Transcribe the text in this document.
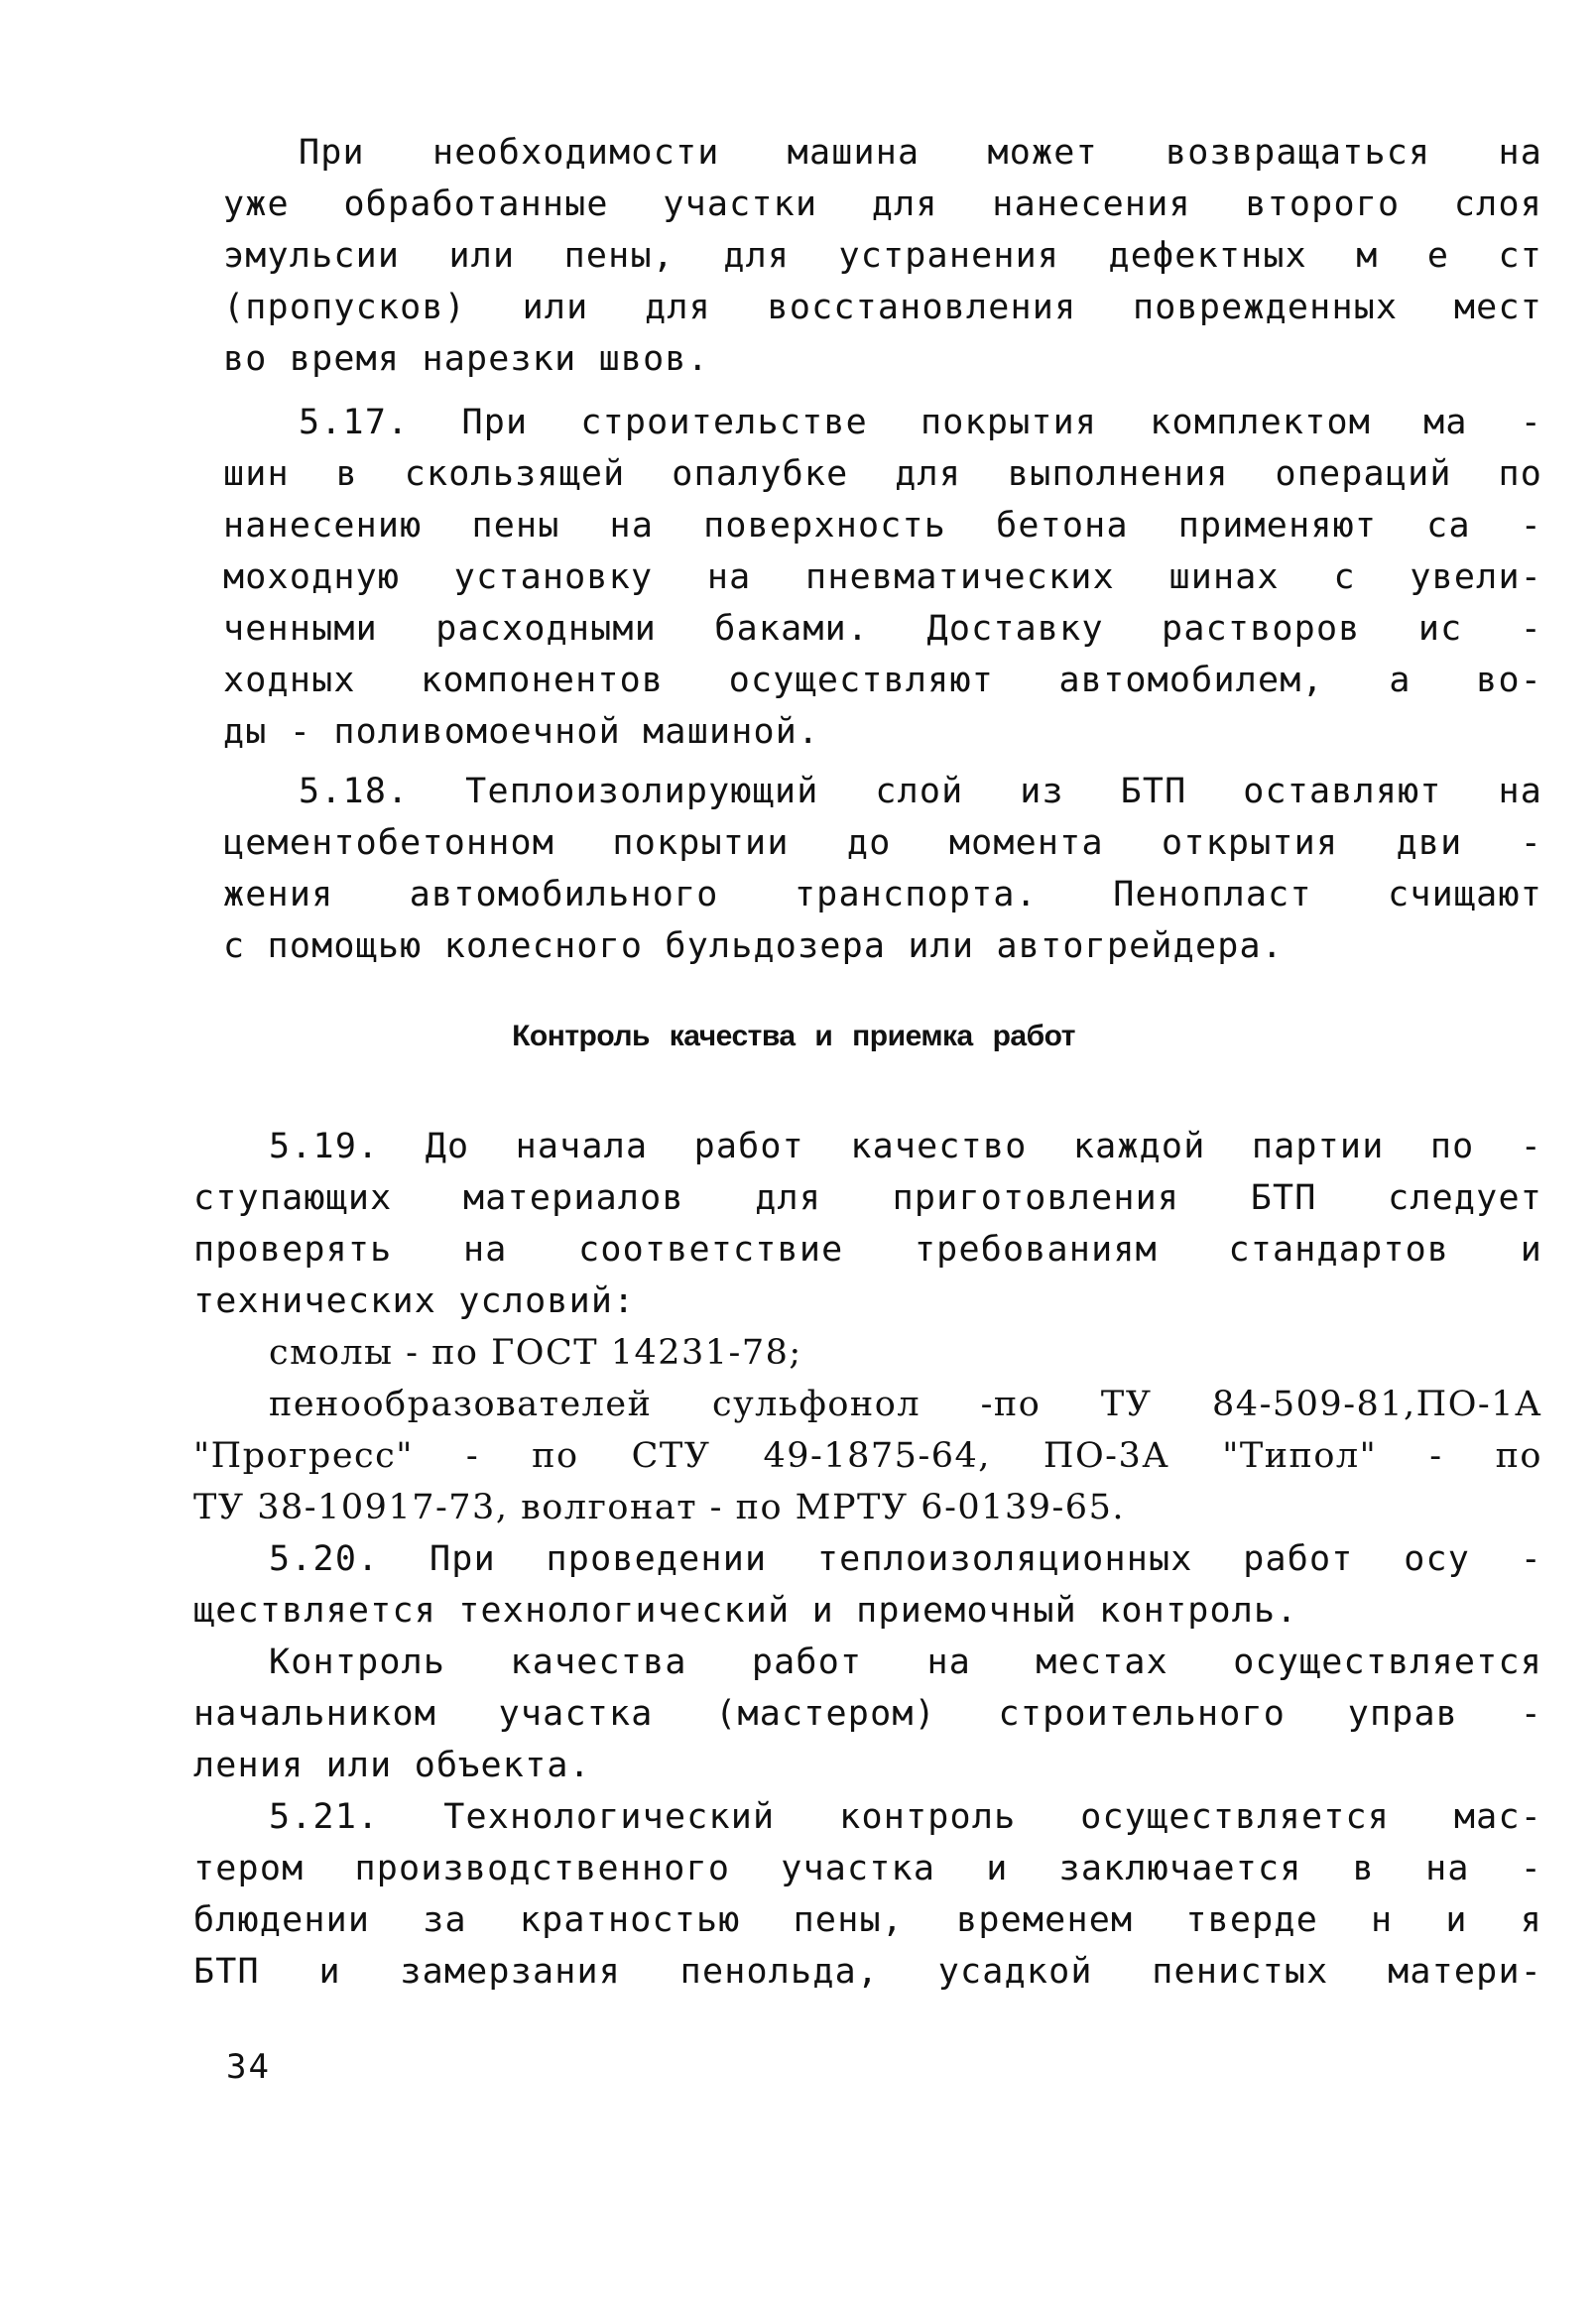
При необходимости машина может возвращаться на
уже обработанные участки для нанесения второго слоя
эмульсии или пены, для устранения дефектных м е ст
(пропусков) или для восстановления поврежденных мест
во время нарезки швов.
5.17. При строительстве покрытия комплектом ма -
шин в скользящей опалубке для выполнения операций по
нанесению пены на поверхность бетона применяют са -
моходную установку на пневматических шинах с увели-
ченными расходными баками. Доставку растворов ис -
ходных компонентов осуществляют автомобилем, а во-
ды - поливомоечной машиной.
5.18. Теплоизолирующий слой из БТП оставляют на
цементобетонном покрытии до момента открытия дви -
жения автомобильного транспорта. Пенопласт счищают
с помощью колесного бульдозера или автогрейдера.
Контроль качества и приемка работ
5.19. До начала работ качество каждой партии по -
ступающих материалов для приготовления БТП следует
проверять на соответствие требованиям стандартов и
технических условий:
смолы - по ГОСТ 14231-78;
пенообразователей сульфонол -по ТУ 84-509-81,ПО-1А
"Прогресс" - по СТУ 49-1875-64, ПО-3А "Типол" - по
ТУ 38-10917-73, волгонат - по МРТУ 6-0139-65.
5.20. При проведении теплоизоляционных работ осу -
ществляется технологический и приемочный контроль.
Контроль качества работ на местах осуществляется
начальником участка (мастером) строительного управ -
ления или объекта.
5.21. Технологический контроль осуществляется мас-
тером производственного участка и заключается в на -
блюдении за кратностью пены, временем тверде н и я
БТП и замерзания пенольда, усадкой пенистых матери-
34
